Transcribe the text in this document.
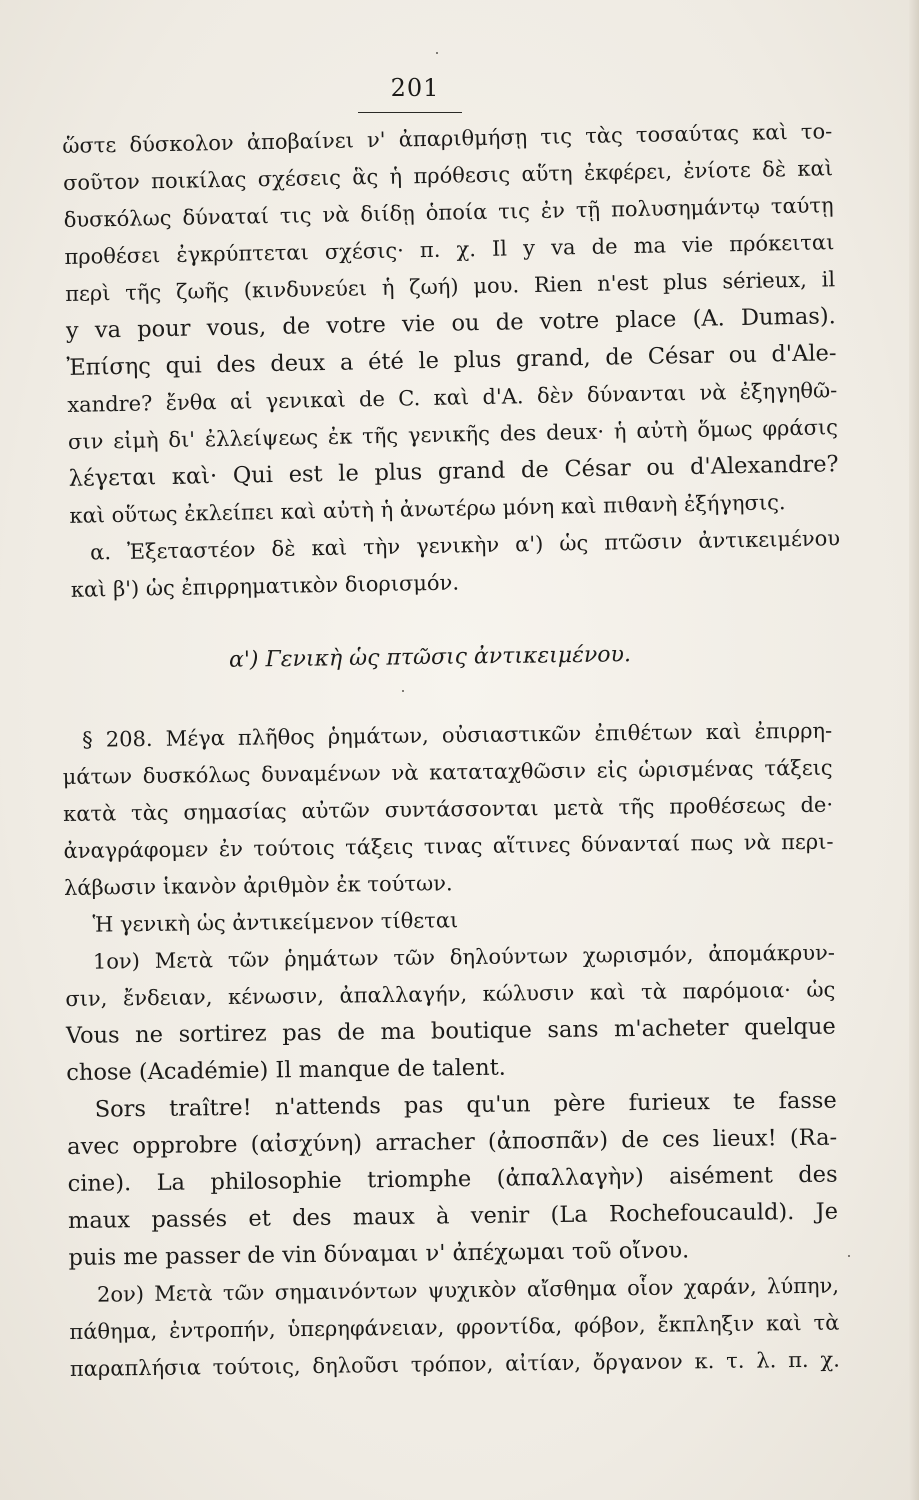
201
ὥστε δύσκολον ἀποβαίνει ν' ἀπαριθμήσῃ τις τὰς τοσαύτας καὶ το-
σοῦτον ποικίλας σχέσεις ἃς ἡ πρόθεσις αὕτη ἐκφέρει, ἐνίοτε δὲ καὶ
δυσκόλως δύναταί τις νὰ διίδῃ ὁποία τις ἐν τῇ πολυσημάντῳ ταύτῃ
προθέσει ἐγκρύπτεται σχέσις· π. χ. Il y va de ma vie πρόκειται
περὶ τῆς ζωῆς (κινδυνεύει ἡ ζωή) μου. Rien n'est plus sérieux, il
y va pour vous, de votre vie ou de votre place (A. Dumas).
Ἐπίσης qui des deux a été le plus grand, de César ou d'Ale-
xandre? ἔνθα αἱ γενικαὶ de C. καὶ d'A. δὲν δύνανται νὰ ἐξηγηθῶ-
σιν εἰμὴ δι' ἐλλείψεως ἐκ τῆς γενικῆς des deux· ἡ αὐτὴ ὅμως φράσις
λέγεται καὶ· Qui est le plus grand de César ou d'Alexandre?
καὶ οὕτως ἐκλείπει καὶ αὐτὴ ἡ ἀνωτέρω μόνη καὶ πιθανὴ ἐξήγησις.
α. Ἐξεταστέον δὲ καὶ τὴν γενικὴν α') ὡς πτῶσιν ἀντικειμένου
καὶ β') ὡς ἐπιρρηματικὸν διορισμόν.
α') Γενικὴ ὡς πτῶσις ἀντικειμένου.
§ 208. Μέγα πλῆθος ῥημάτων, οὐσιαστικῶν ἐπιθέτων καὶ ἐπιρρη-
μάτων δυσκόλως δυναμένων νὰ καταταχθῶσιν εἰς ὡρισμένας τάξεις
κατὰ τὰς σημασίας αὐτῶν συντάσσονται μετὰ τῆς προθέσεως de·
ἀναγράφομεν ἐν τούτοις τάξεις τινας αἵτινες δύνανταί πως νὰ περι-
λάβωσιν ἱκανὸν ἀριθμὸν ἐκ τούτων.
Ἡ γενικὴ ὡς ἀντικείμενον τίθεται
1ον) Μετὰ τῶν ῥημάτων τῶν δηλούντων χωρισμόν, ἀπομάκρυν-
σιν, ἔνδειαν, κένωσιν, ἀπαλλαγήν, κώλυσιν καὶ τὰ παρόμοια· ὡς
Vous ne sortirez pas de ma boutique sans m'acheter quelque
chose (Académie) Il manque de talent.
Sors traître! n'attends pas qu'un père furieux te fasse
avec opprobre (αἰσχύνη) arracher (ἀποσπᾶν) de ces lieux! (Ra-
cine). La philosophie triomphe (ἀπαλλαγὴν) aisément des
maux passés et des maux à venir (La Rochefoucauld). Je
puis me passer de vin δύναμαι ν' ἀπέχωμαι τοῦ οἴνου.
2ον) Μετὰ τῶν σημαινόντων ψυχικὸν αἴσθημα οἷον χαράν, λύπην,
πάθημα, ἐντροπήν, ὑπερηφάνειαν, φροντίδα, φόβον, ἔκπληξιν καὶ τὰ
παραπλήσια τούτοις, δηλοῦσι τρόπον, αἰτίαν, ὄργανον κ. τ. λ. π. χ.
